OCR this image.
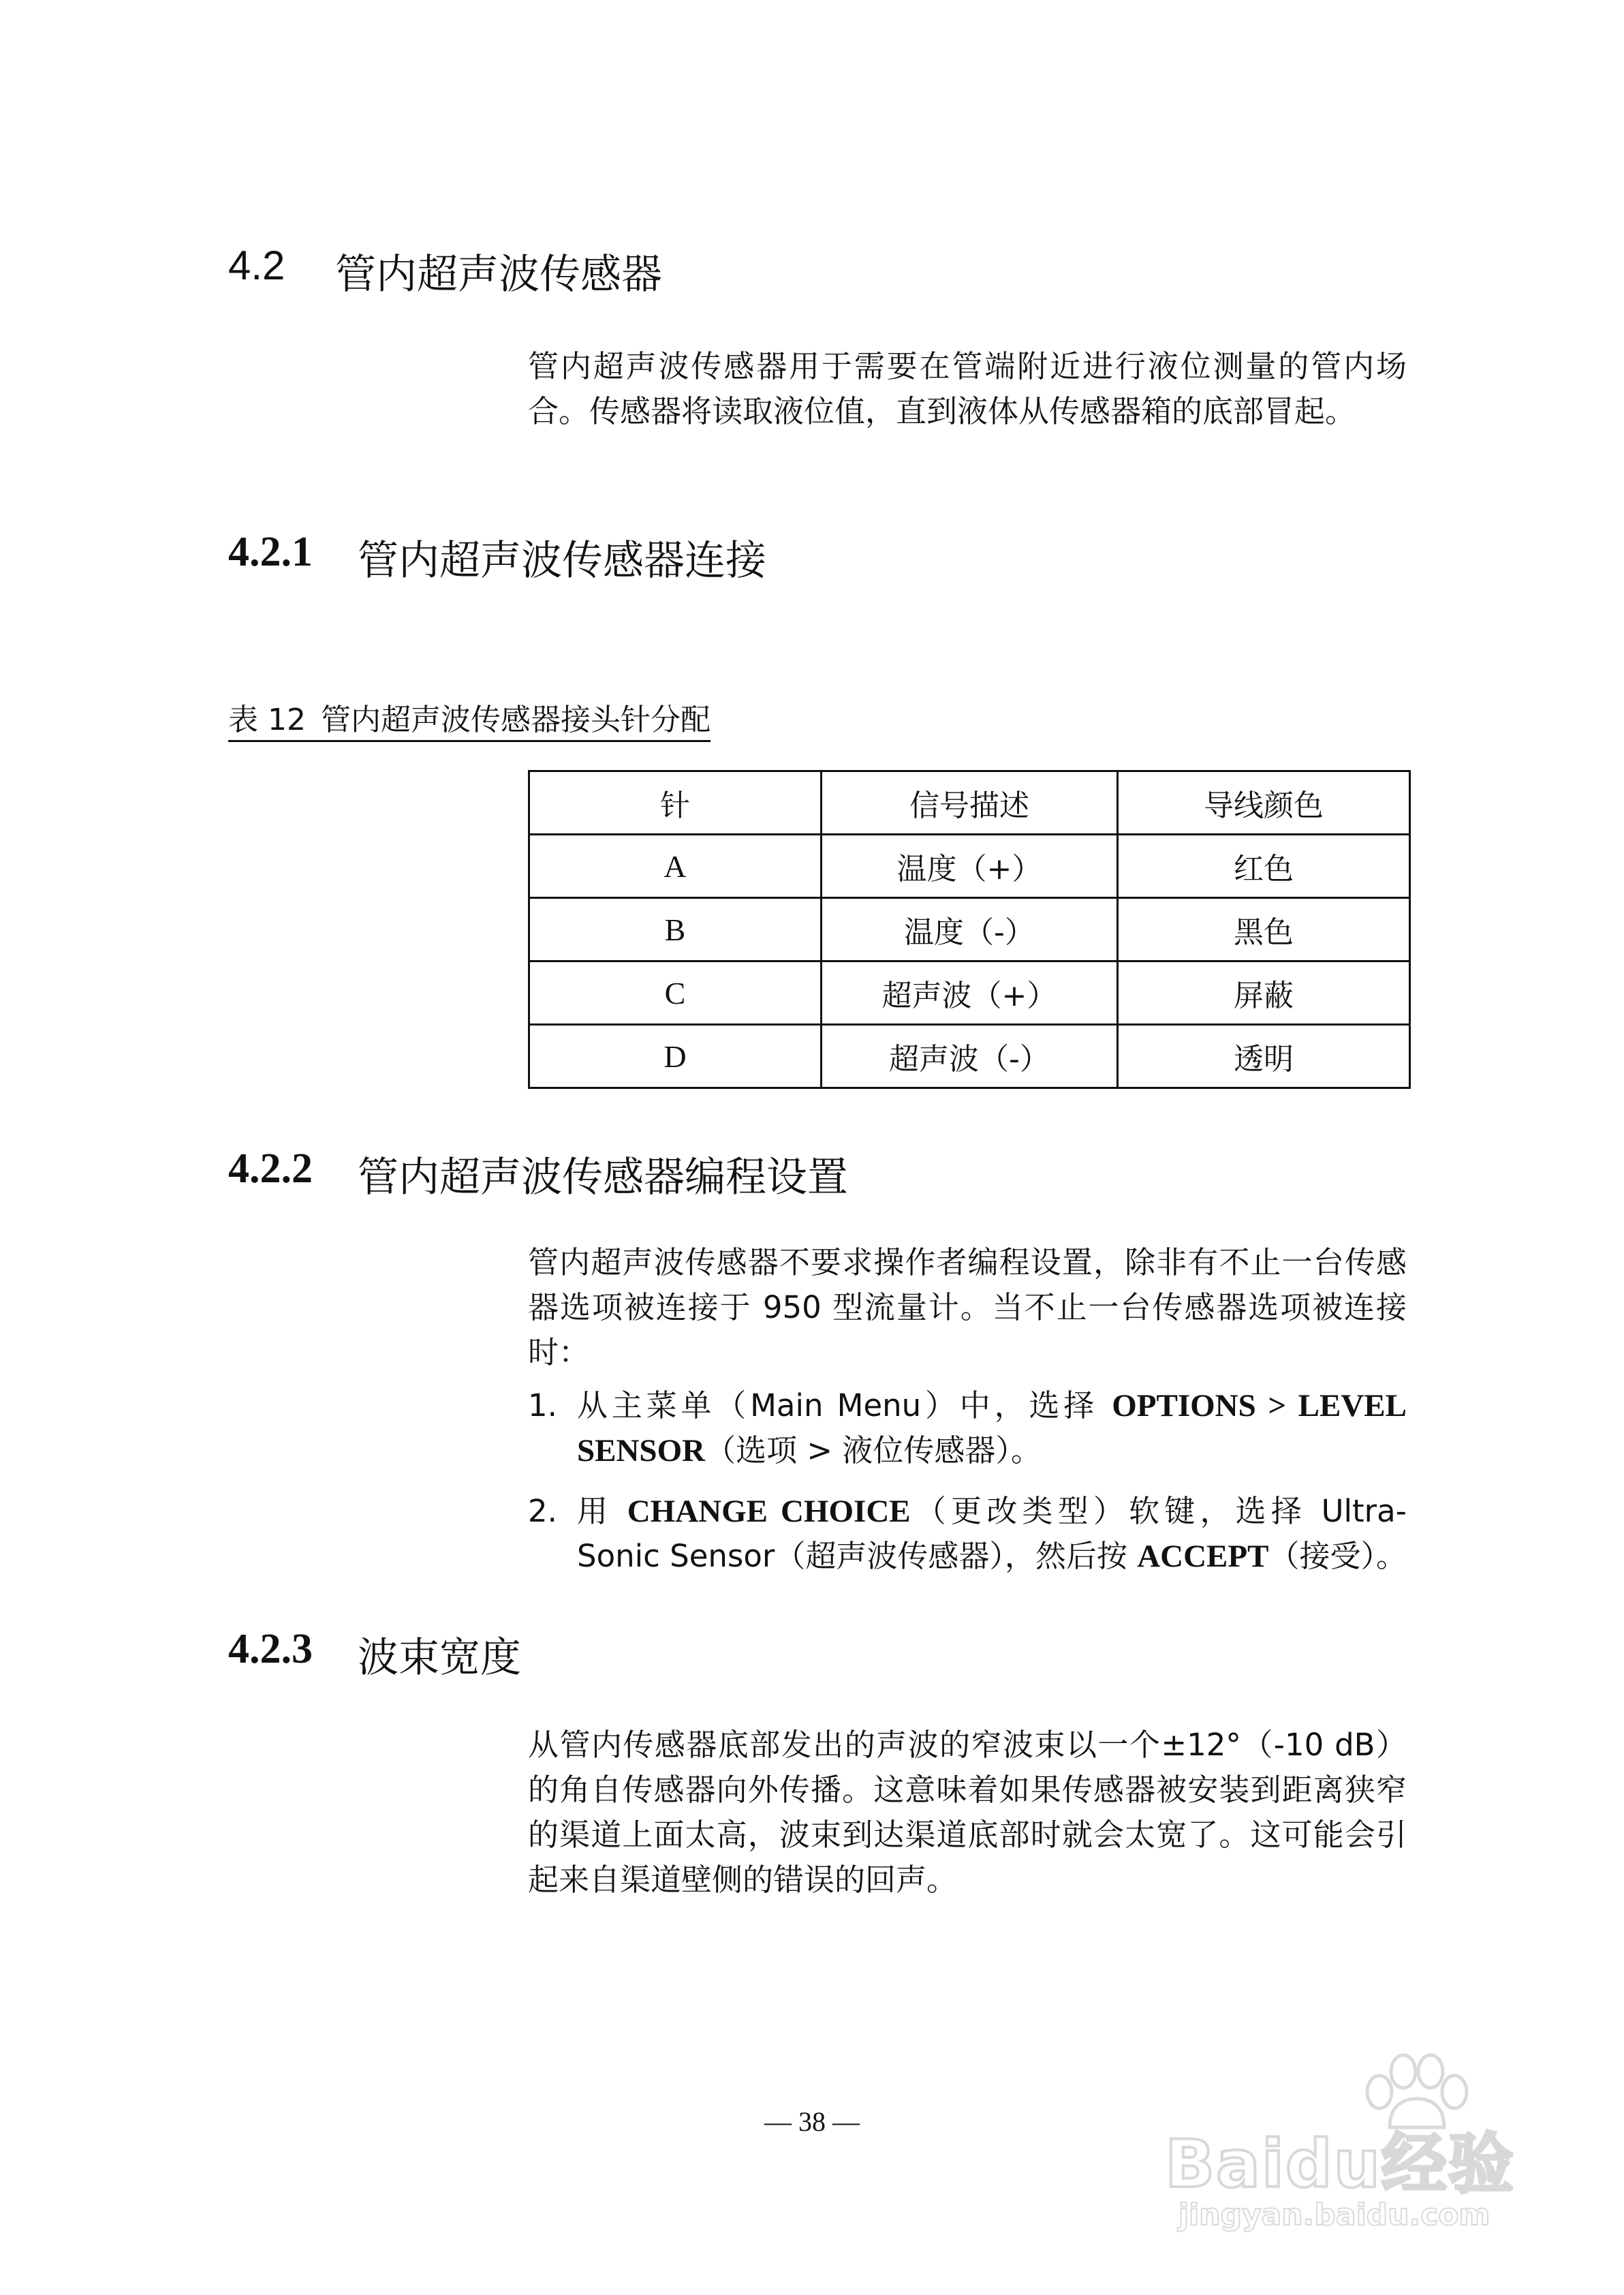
4.2 管内超声波传感器
管内超声波传感器用于需要在管端附近进行液位测量的管内场合。传感器将读取液位值，直到液体从传感器箱的底部冒起。
4.2.1 管内超声波传感器连接
表 12 管内超声波传感器接头针分配
针	信号描述	导线颜色
A	温度（+）	红色
B	温度（-）	黑色
C	超声波（+）	屏蔽
D	超声波（-）	透明
4.2.2 管内超声波传感器编程设置
管内超声波传感器不要求操作者编程设置，除非有不止一台传感器选项被连接于 950 型流量计。当不止一台传感器选项被连接时：
1. 从主菜单（Main Menu）中，选择 OPTIONS > LEVEL SENSOR（选项 > 液位传感器）。
2. 用 CHANGE CHOICE（更改类型）软键，选择 Ultra-Sonic Sensor（超声波传感器），然后按 ACCEPT（接受）。
4.2.3 波束宽度
从管内传感器底部发出的声波的窄波束以一个±12°（-10 dB）的角自传感器向外传播。这意味着如果传感器被安装到距离狭窄的渠道上面太高，波束到达渠道底部时就会太宽了。这可能会引起来自渠道壁侧的错误的回声。
— 38 —
Baidu经验
jingyan.baidu.com
